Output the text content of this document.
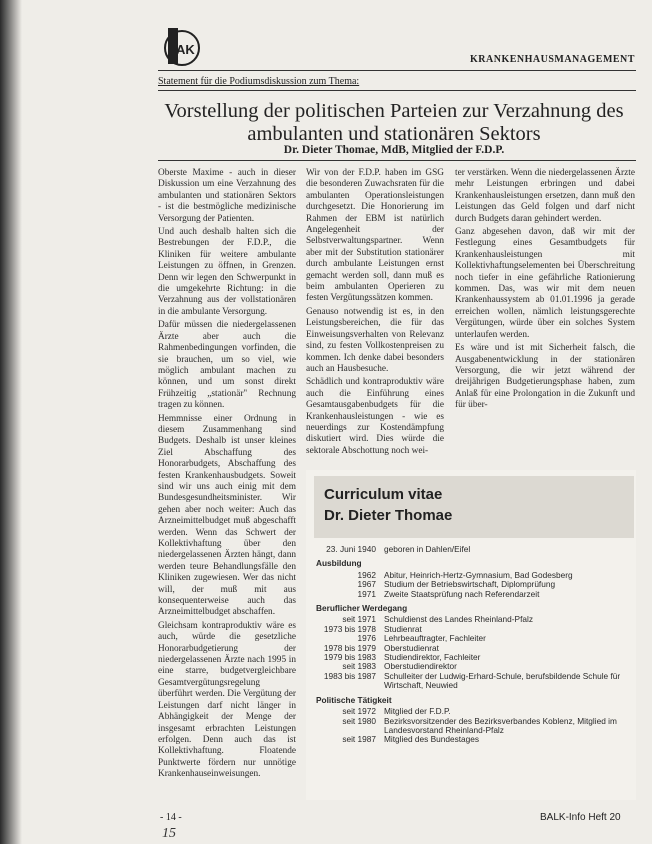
AK
KRANKENHAUSMANAGEMENT
Statement für die Podiumsdiskussion zum Thema:
Vorstellung der politischen Parteien zur Verzahnung des
ambulanten und stationären Sektors
Dr. Dieter Thomae, MdB, Mitglied der F.D.P.

Oberste Maxime - auch in dieser Diskussion um eine Verzahnung des ambulanten und stationären Sektors - ist die bestmögliche medizinische Versorgung der Patienten.

Und auch deshalb halten sich die Bestrebungen der F.D.P., die Kliniken für weitere ambulante Leistungen zu öffnen, in Grenzen. Denn wir legen den Schwerpunkt in die umgekehrte Richtung: in die Verzahnung aus der vollstationären in die ambulante Versorgung.

Dafür müssen die niedergelassenen Ärzte aber auch die Rahmenbedingungen vorfinden, die sie brauchen, um so viel, wie möglich ambulant machen zu können, und um sonst direkt Frühzeitig „stationär" Rechnung tragen zu können.

Hemmnisse einer Ordnung in diesem Zusammenhang sind Budgets. Deshalb ist unser kleines Ziel Abschaffung des Honorarbudgets, Abschaffung des festen Krankenhausbudgets. Soweit sind wir uns auch einig mit dem Bundesgesundheitsminister. Wir gehen aber noch weiter: Auch das Arzneimittelbudget muß abgeschafft werden. Wenn das Schwert der Kollektivhaftung über den niedergelassenen Ärzten hängt, dann werden teure Behandlungsfälle den Kliniken zugewiesen. Wer das nicht will, der muß mit aus konsequenterweise auch das Arzneimittelbudget abschaffen.

Gleichsam kontraproduktiv wäre es auch, würde die gesetzliche Honorarbudgetierung der niedergelassenen Ärzte nach 1995 in eine starre, budgetvergleichbare Gesamtvergütungsregelung überführt werden. Die Vergütung der Leistungen darf nicht länger in Abhängigkeit der Menge der insgesamt erbrachten Leistungen erfolgen. Denn auch das ist Kollektivhaftung. Floatende Punktwerte fördern nur unnötige Krankenhauseinweisungen.

Wir von der F.D.P. haben im GSG die besonderen Zuwachsraten für die ambulanten Operationsleistungen durchgesetzt. Die Honorierung im Rahmen der EBM ist natürlich Angelegenheit der Selbstverwaltungspartner. Wenn aber mit der Substitution stationärer durch ambulante Leistungen ernst gemacht werden soll, dann muß es beim ambulanten Operieren zu festen Vergütungssätzen kommen.

Genauso notwendig ist es, in den Leistungsbereichen, die für das Einweisungsverhalten von Relevanz sind, zu festen Vollkostenpreisen zu kommen. Ich denke dabei besonders auch an Hausbesuche.

Schädlich und kontraproduktiv wäre auch die Einführung eines Gesamtausgabenbudgets für die Krankenhausleistungen - wie es neuerdings zur Kostendämpfung diskutiert wird. Dies würde die sektorale Abschottung noch wei-

ter verstärken. Wenn die niedergelassenen Ärzte mehr Leistungen erbringen und dabei Krankenhausleistungen ersetzen, dann muß den Leistungen das Geld folgen und darf nicht durch Budgets daran gehindert werden.

Ganz abgesehen davon, daß wir mit der Festlegung eines Gesamtbudgets für Krankenhausleistungen mit Kollektivhaftungselementen bei Überschreitung noch tiefer in eine gefährliche Rationierung kommen. Das, was wir mit dem neuen Krankenhaussystem ab 01.01.1996 ja gerade erreichen wollen, nämlich leistungsgerechte Vergütungen, würde über ein solches System unterlaufen werden.

Es wäre und ist mit Sicherheit falsch, die Ausgabenentwicklung in der stationären Versorgung, die wir jetzt während der dreijährigen Budgetierungsphase haben, zum Anlaß für eine Prolongation in die Zukunft und für über-

Curriculum vitae
Dr. Dieter Thomae
23. Juni 1940 geboren in Dahlen/Eifel
Ausbildung
1962 Abitur, Heinrich-Hertz-Gymnasium, Bad Godesberg
1967 Studium der Betriebswirtschaft, Diplomprüfung
1971 Zweite Staatsprüfung nach Referendarzeit
Beruflicher Werdegang
seit 1971 Schuldienst des Landes Rheinland-Pfalz
1973 bis 1978 Studienrat
1976 Lehrbeauftragter, Fachleiter
1978 bis 1979 Oberstudienrat
1979 bis 1983 Studiendirektor, Fachleiter
seit 1983 Oberstudiendirektor
1983 bis 1987 Schulleiter der Ludwig-Erhard-Schule, berufsbildende Schule für Wirtschaft, Neuwied
Politische Tätigkeit
seit 1972 Mitglied der F.D.P.
seit 1980 Bezirksvorsitzender des Bezirksverbandes Koblenz, Mitglied im Landesvorstand Rheinland-Pfalz
seit 1987 Mitglied des Bundestages
- 14 -
15
BALK-Info Heft 20
